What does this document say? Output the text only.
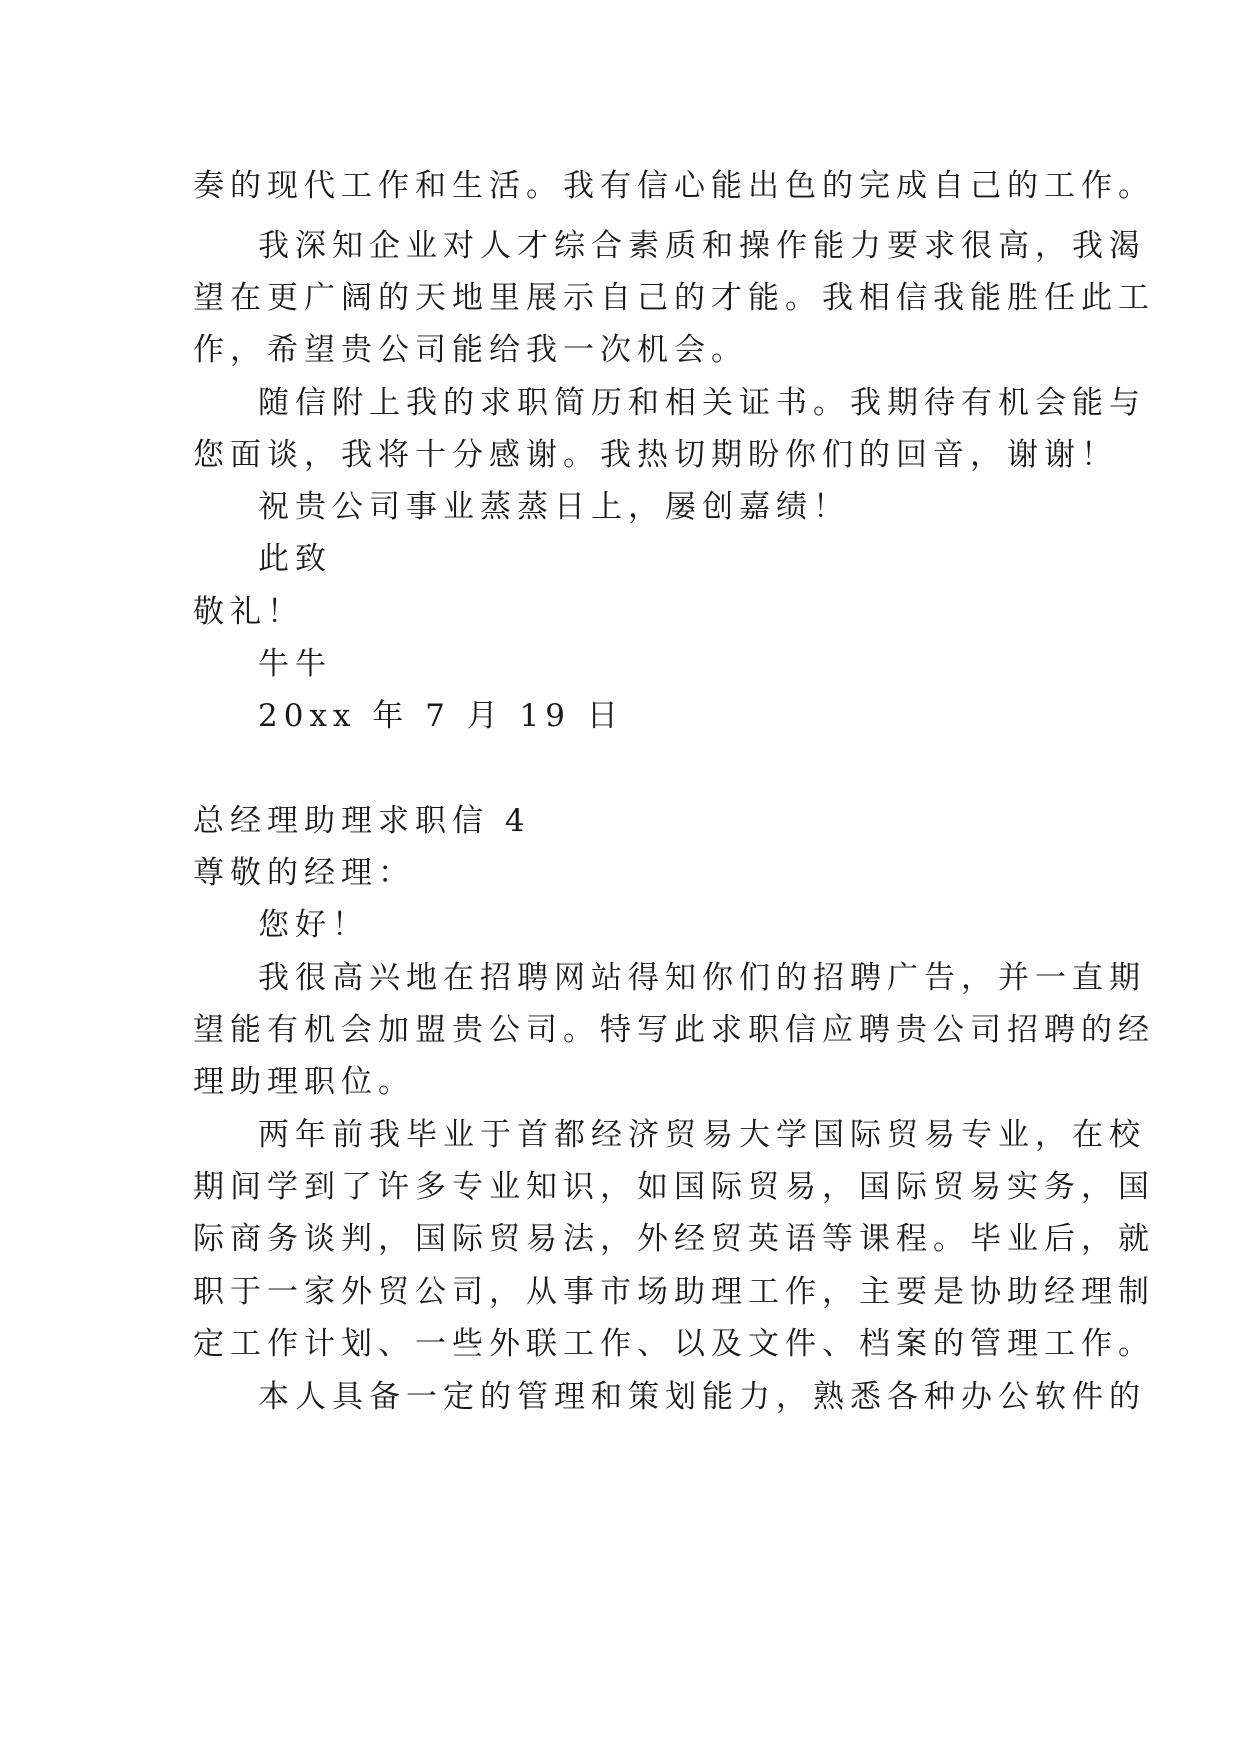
奏的现代工作和生活。我有信心能出色的完成自己的工作。
我深知企业对人才综合素质和操作能力要求很高，我渴
望在更广阔的天地里展示自己的才能。我相信我能胜任此工
作，希望贵公司能给我一次机会。
随信附上我的求职简历和相关证书。我期待有机会能与
您面谈，我将十分感谢。我热切期盼你们的回音，谢谢！
祝贵公司事业蒸蒸日上，屡创嘉绩！
此致
敬礼！
牛牛
20xx 年 7 月 19 日
总经理助理求职信 4
尊敬的经理：
您好！
我很高兴地在招聘网站得知你们的招聘广告，并一直期
望能有机会加盟贵公司。特写此求职信应聘贵公司招聘的经
理助理职位。
两年前我毕业于首都经济贸易大学国际贸易专业，在校
期间学到了许多专业知识，如国际贸易，国际贸易实务，国
际商务谈判，国际贸易法，外经贸英语等课程。毕业后，就
职于一家外贸公司，从事市场助理工作，主要是协助经理制
定工作计划、一些外联工作、以及文件、档案的管理工作。
本人具备一定的管理和策划能力，熟悉各种办公软件的
